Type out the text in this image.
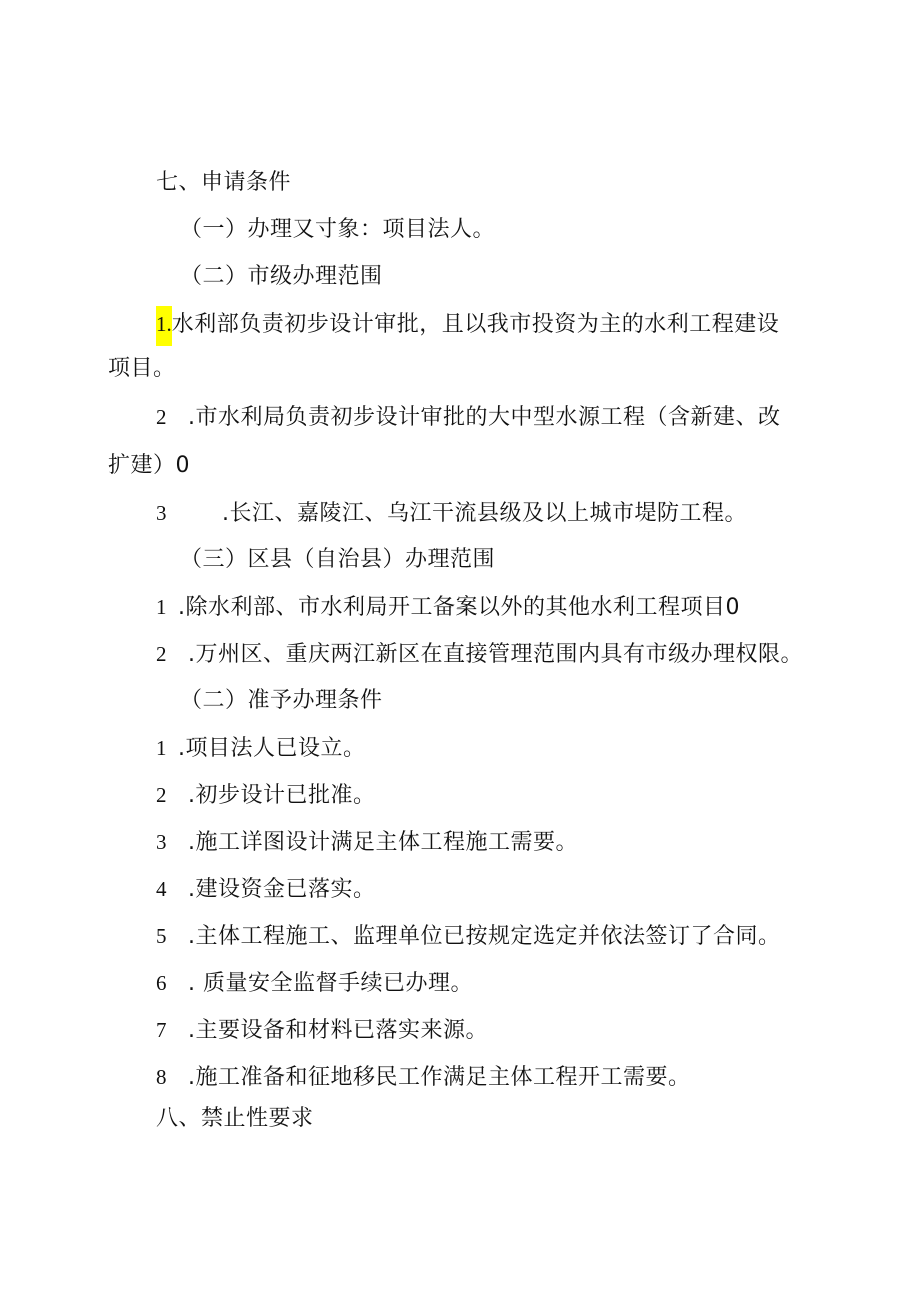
七、申请条件
（一）办理又寸象：项目法人。
（二）市级办理范围
1.水利部负责初步设计审批，且以我市投资为主的水利工程建设
项目。
2 .市水利局负责初步设计审批的大中型水源工程（含新建、改
扩建）0
3	.长江、嘉陵江、乌江干流县级及以上城市堤防工程。
（三）区县（自治县）办理范围
1 .除水利部、市水利局开工备案以外的其他水利工程项目0
2 .万州区、重庆两江新区在直接管理范围内具有市级办理权限。
（二）准予办理条件
1 .项目法人已设立。
2 .初步设计已批准。
3 .施工详图设计满足主体工程施工需要。
4 .建设资金已落实。
5 .主体工程施工、监理单位已按规定选定并依法签订了合同。
6 . 质量安全监督手续已办理。
7 .主要设备和材料已落实来源。
8 .施工准备和征地移民工作满足主体工程开工需要。
八、禁止性要求
